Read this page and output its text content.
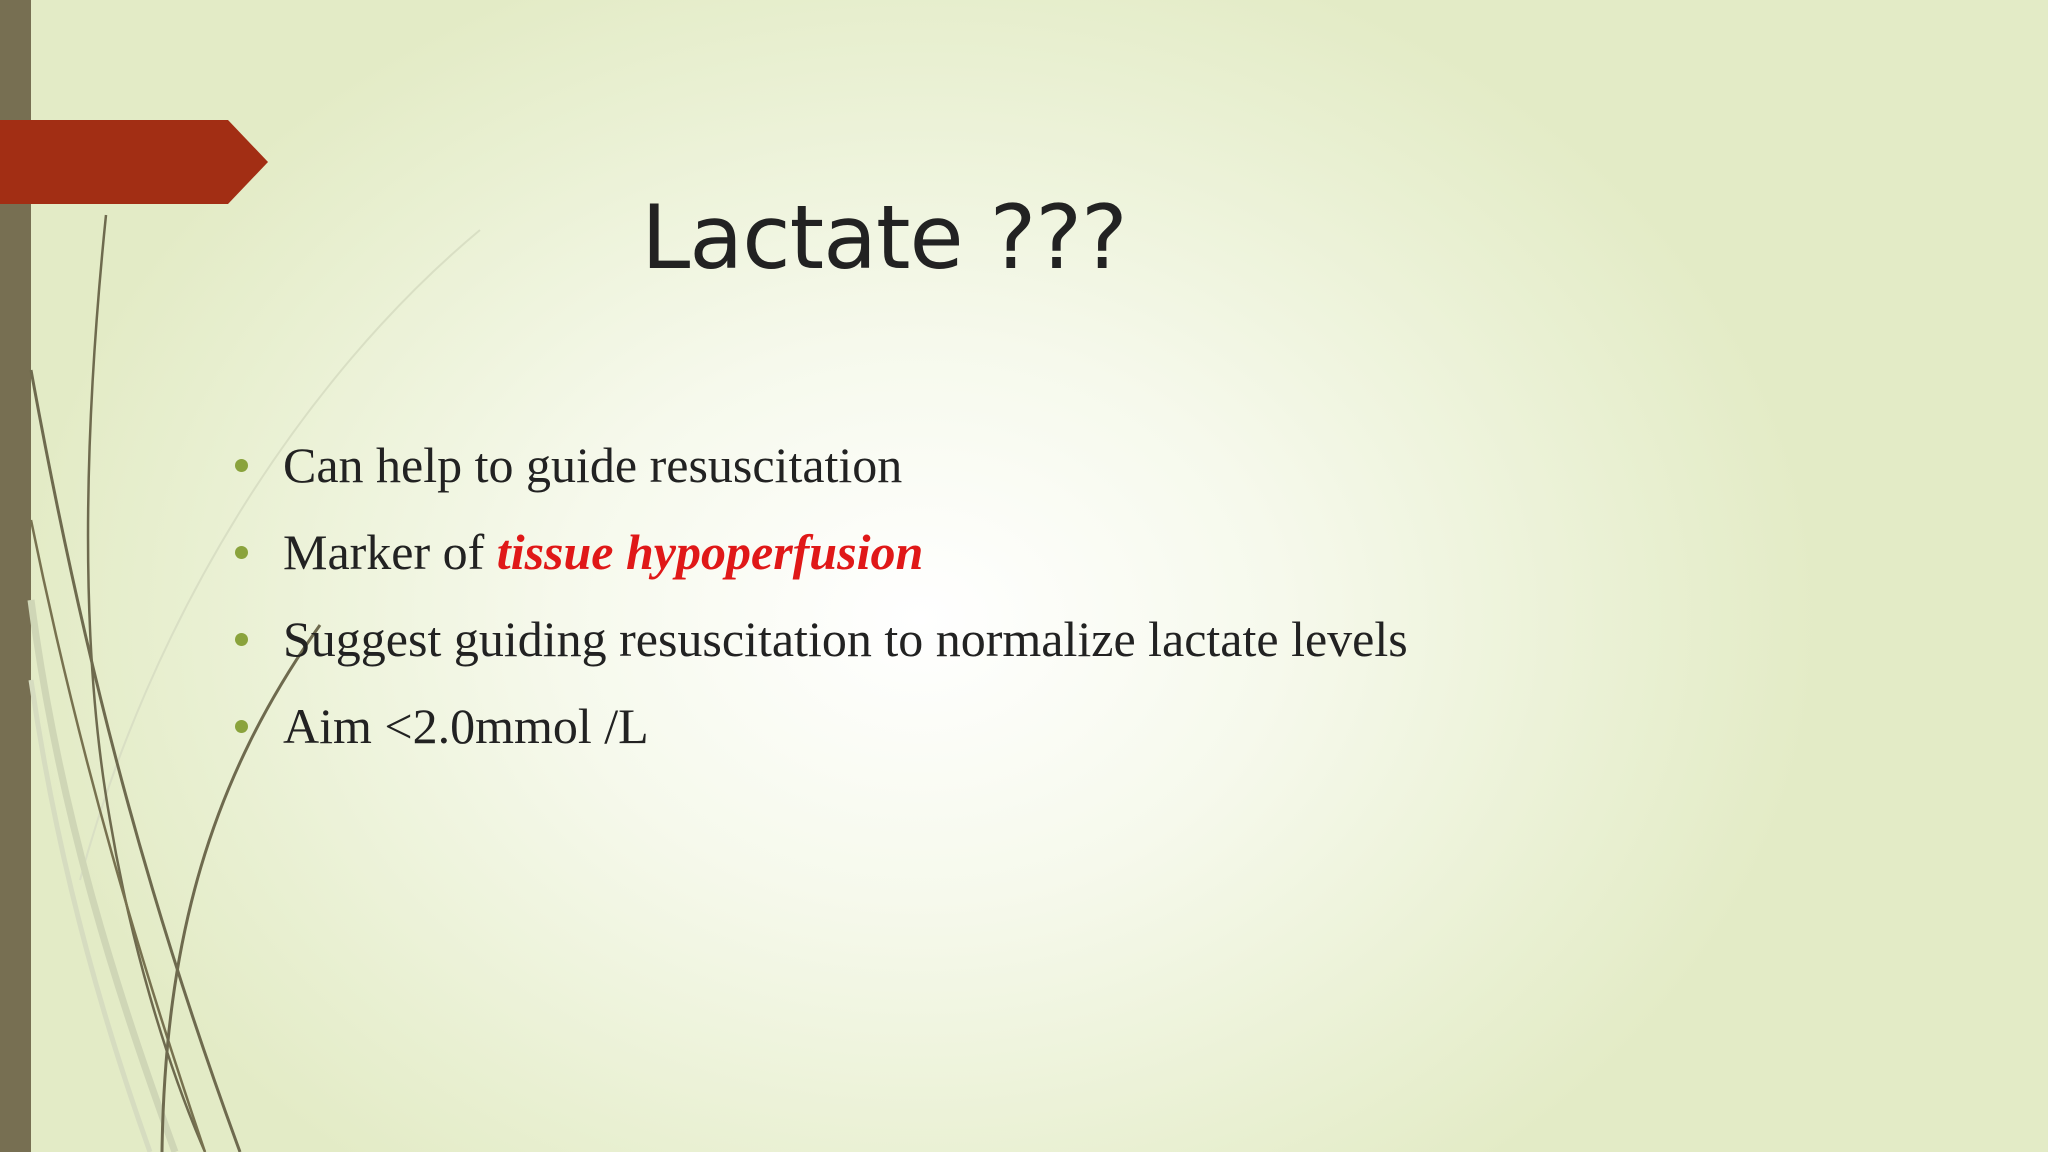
Lactate ???
Can help to guide resuscitation
Marker of tissue hypoperfusion
Suggest guiding resuscitation to normalize lactate levels
Aim <2.0mmol /L
